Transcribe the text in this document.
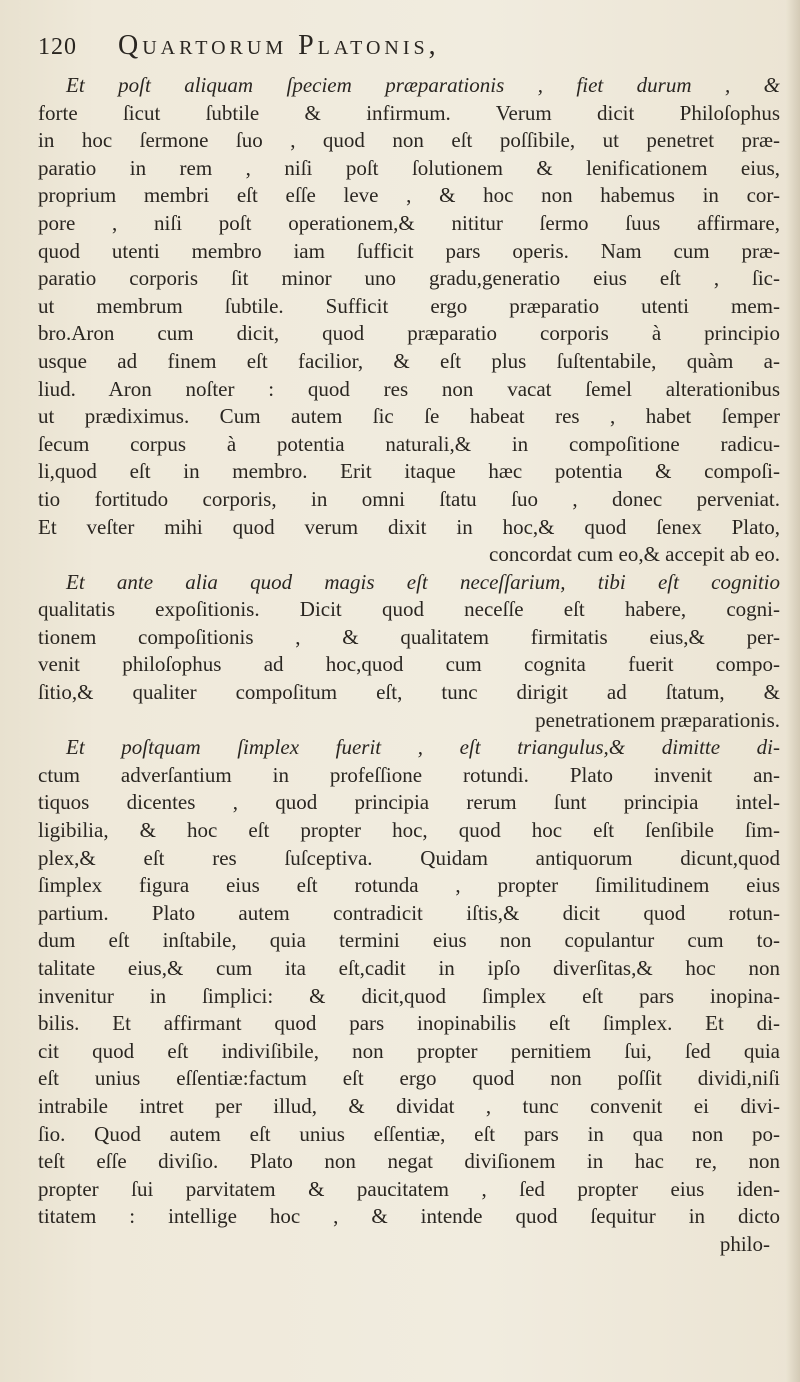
120 Quartorum Platonis,
Et poſt aliquam ſpeciem præparationis , fiet durum , &
forte ſicut ſubtile & infirmum. Verum dicit Philoſophus
in hoc ſermone ſuo , quod non eſt poſſibile, ut penetret præ-
paratio in rem , niſi poſt ſolutionem & lenificationem eius,
proprium membri eſt eſſe leve , & hoc non habemus in cor-
pore , niſi poſt operationem,& nititur ſermo ſuus affirmare,
quod utenti membro iam ſufficit pars operis. Nam cum præ-
paratio corporis ſit minor uno gradu,generatio eius eſt , ſic-
ut membrum ſubtile. Sufficit ergo præparatio utenti mem-
bro.Aron cum dicit, quod præparatio corporis à principio
usque ad finem eſt facilior, & eſt plus ſuſtentabile, quàm a-
liud. Aron noſter : quod res non vacat ſemel alterationibus
ut prædiximus. Cum autem ſic ſe habeat res , habet ſemper
ſecum corpus à potentia naturali,& in compoſitione radicu-
li,quod eſt in membro. Erit itaque hæc potentia & compoſi-
tio fortitudo corporis, in omni ſtatu ſuo , donec perveniat.
Et veſter mihi quod verum dixit in hoc,& quod ſenex Plato,
concordat cum eo,& accepit ab eo.
Et ante alia quod magis eſt neceſſarium, tibi eſt cognitio
qualitatis expoſitionis. Dicit quod neceſſe eſt habere, cogni-
tionem compoſitionis , & qualitatem firmitatis eius,& per-
venit philoſophus ad hoc,quod cum cognita fuerit compo-
ſitio,& qualiter compoſitum eſt, tunc dirigit ad ſtatum, &
penetrationem præparationis.
Et poſtquam ſimplex fuerit , eſt triangulus,& dimitte di-
ctum adverſantium in profeſſione rotundi. Plato invenit an-
tiquos dicentes , quod principia rerum ſunt principia intel-
ligibilia, & hoc eſt propter hoc, quod hoc eſt ſenſibile ſim-
plex,& eſt res ſuſceptiva. Quidam antiquorum dicunt,quod
ſimplex figura eius eſt rotunda , propter ſimilitudinem eius
partium. Plato autem contradicit iſtis,& dicit quod rotun-
dum eſt inſtabile, quia termini eius non copulantur cum to-
talitate eius,& cum ita eſt,cadit in ipſo diverſitas,& hoc non
invenitur in ſimplici: & dicit,quod ſimplex eſt pars inopina-
bilis. Et affirmant quod pars inopinabilis eſt ſimplex. Et di-
cit quod eſt indiviſibile, non propter pernitiem ſui, ſed quia
eſt unius eſſentiæ:factum eſt ergo quod non poſſit dividi,niſi
intrabile intret per illud, & dividat , tunc convenit ei divi-
ſio. Quod autem eſt unius eſſentiæ, eſt pars in qua non po-
teſt eſſe diviſio. Plato non negat diviſionem in hac re, non
propter ſui parvitatem & paucitatem , ſed propter eius iden-
titatem : intellige hoc , & intende quod ſequitur in dicto
philo-
